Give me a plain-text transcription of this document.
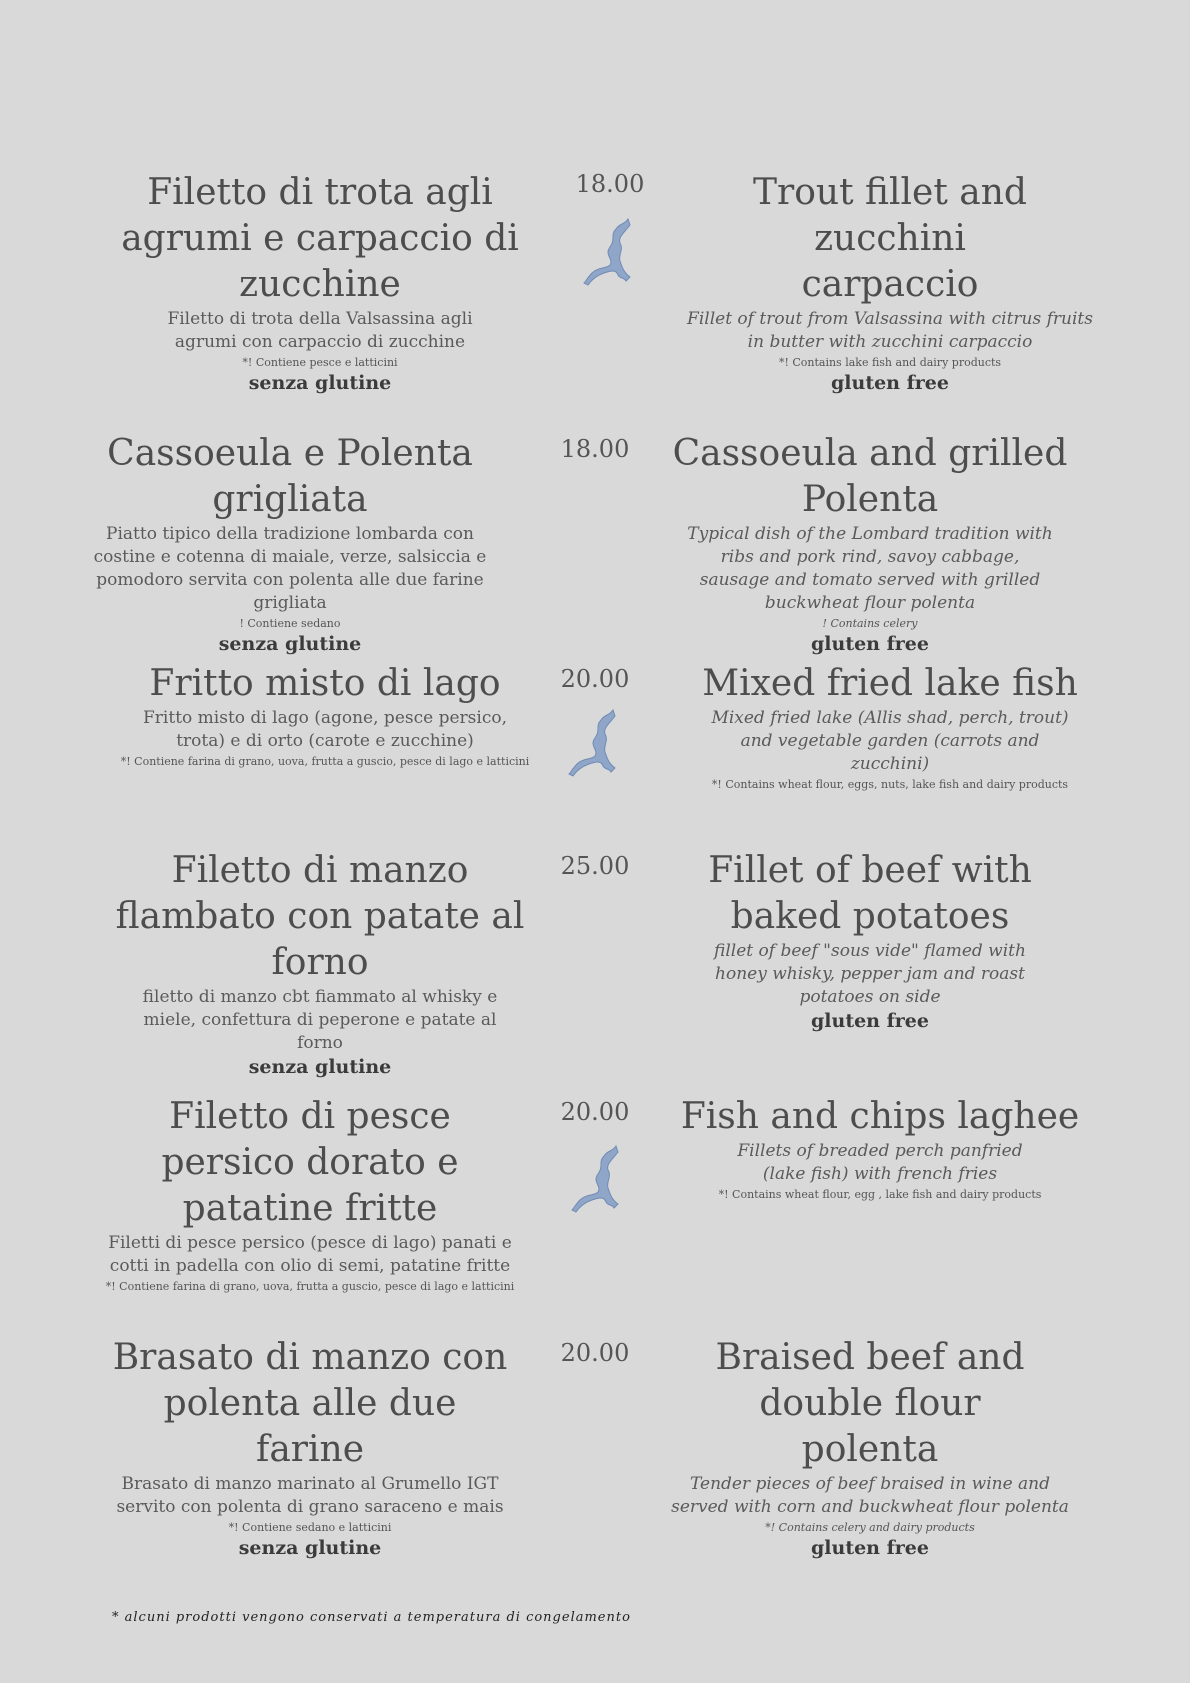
Filetto di trota agli agrumi e carpaccio di zucchine

Filetto di trota della Valsassina agli agrumi con carpaccio di zucchine

*! Contiene pesce e latticini

senza glutine

18.00	Trout fillet and zucchini carpaccio

Fillet of trout from Valsassina with citrus fruits in butter with zucchini carpaccio

*! Contains lake fish and dairy products

gluten free

Cassoeula e Polenta grigliata

Piatto tipico della tradizione lombarda con costine e cotenna di maiale, verze, salsiccia e pomodoro servita con polenta alle due farine grigliata

! Contiene sedano

senza glutine

18.00	Cassoeula and grilled Polenta

Typical dish of the Lombard tradition with ribs and pork rind, savoy cabbage, sausage and tomato served with grilled buckwheat flour polenta

! Contains celery

gluten free

Fritto misto di lago

Fritto misto di lago (agone, pesce persico, trota) e di orto (carote e zucchine)

*! Contiene farina di grano, uova, frutta a guscio, pesce di lago e latticini

20.00	Mixed fried lake fish

Mixed fried lake (Allis shad, perch, trout) and vegetable garden (carrots and zucchini)

*! Contains wheat flour, eggs, nuts, lake fish and dairy products

Filetto di manzo flambato con patate al forno

filetto di manzo cbt fiammato al whisky e miele, confettura di peperone e patate al forno

senza glutine

25.00	Fillet of beef with baked potatoes

fillet of beef "sous vide" flamed with honey whisky, pepper jam and roast potatoes on side

gluten free

Filetto di pesce persico dorato e patatine fritte

Filetti di pesce persico (pesce di lago) panati e cotti in padella con olio di semi, patatine fritte

*! Contiene farina di grano, uova, frutta a guscio, pesce di lago e latticini

20.00	Fish and chips laghee

Fillets of breaded perch panfried (lake fish) with french fries

*! Contains wheat flour, egg , lake fish and dairy products

Brasato di manzo con polenta alle due farine

Brasato di manzo marinato al Grumello IGT servito con polenta di grano saraceno e mais

*! Contiene sedano e latticini

senza glutine

20.00	Braised beef and double flour polenta

Tender pieces of beef braised in wine and served with corn and buckwheat flour polenta

*! Contains celery and dairy products

gluten free

* alcuni prodotti vengono conservati a temperatura di congelamento
